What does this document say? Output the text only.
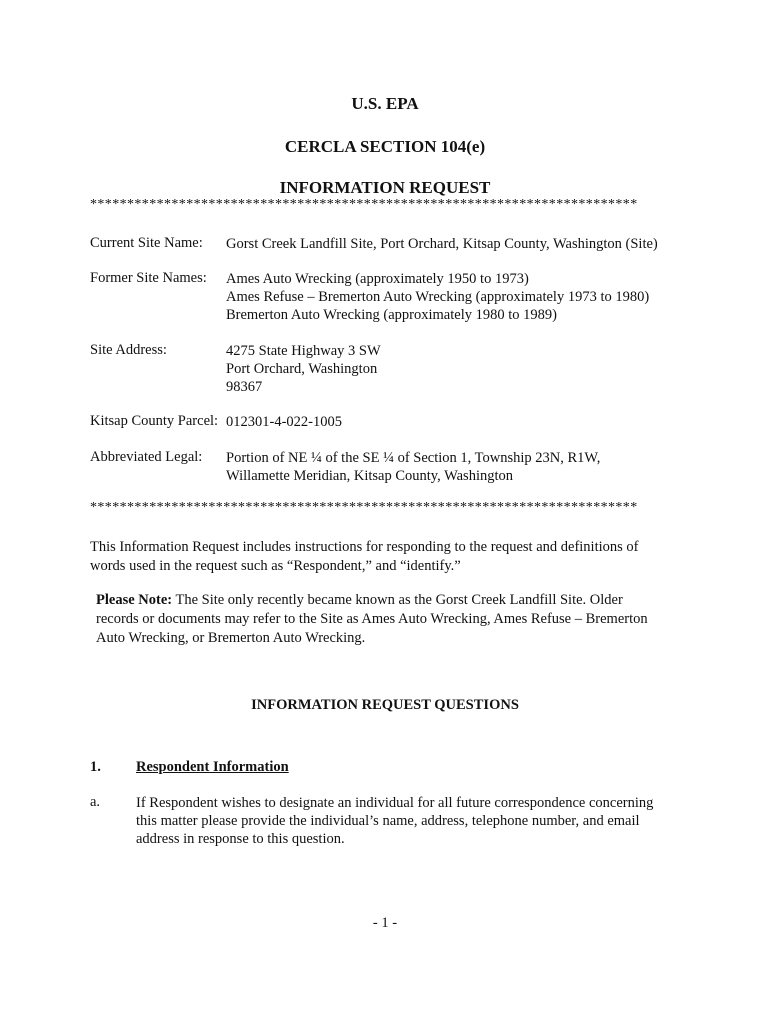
U.S. EPA
CERCLA SECTION 104(e)
INFORMATION REQUEST
**************************************************************************
Current Site Name: Gorst Creek Landfill Site, Port Orchard, Kitsap County, Washington (Site)
Former Site Names: Ames Auto Wrecking (approximately 1950 to 1973)
Ames Refuse – Bremerton Auto Wrecking (approximately 1973 to 1980)
Bremerton Auto Wrecking (approximately 1980 to 1989)
Site Address:	4275 State Highway 3 SW
Port Orchard, Washington
98367
Kitsap County Parcel: 012301-4-022-1005
Abbreviated Legal: Portion of NE ¼ of the SE ¼ of Section 1, Township 23N, R1W,
Willamette Meridian, Kitsap County, Washington
**************************************************************************
This Information Request includes instructions for responding to the request and definitions of
words used in the request such as “Respondent,” and “identify.”
Please Note: The Site only recently became known as the Gorst Creek Landfill Site. Older
records or documents may refer to the Site as Ames Auto Wrecking, Ames Refuse – Bremerton
Auto Wrecking, or Bremerton Auto Wrecking.
INFORMATION REQUEST QUESTIONS
1. Respondent Information
a. If Respondent wishes to designate an individual for all future correspondence concerning
this matter please provide the individual’s name, address, telephone number, and email
address in response to this question.
- 1 -
